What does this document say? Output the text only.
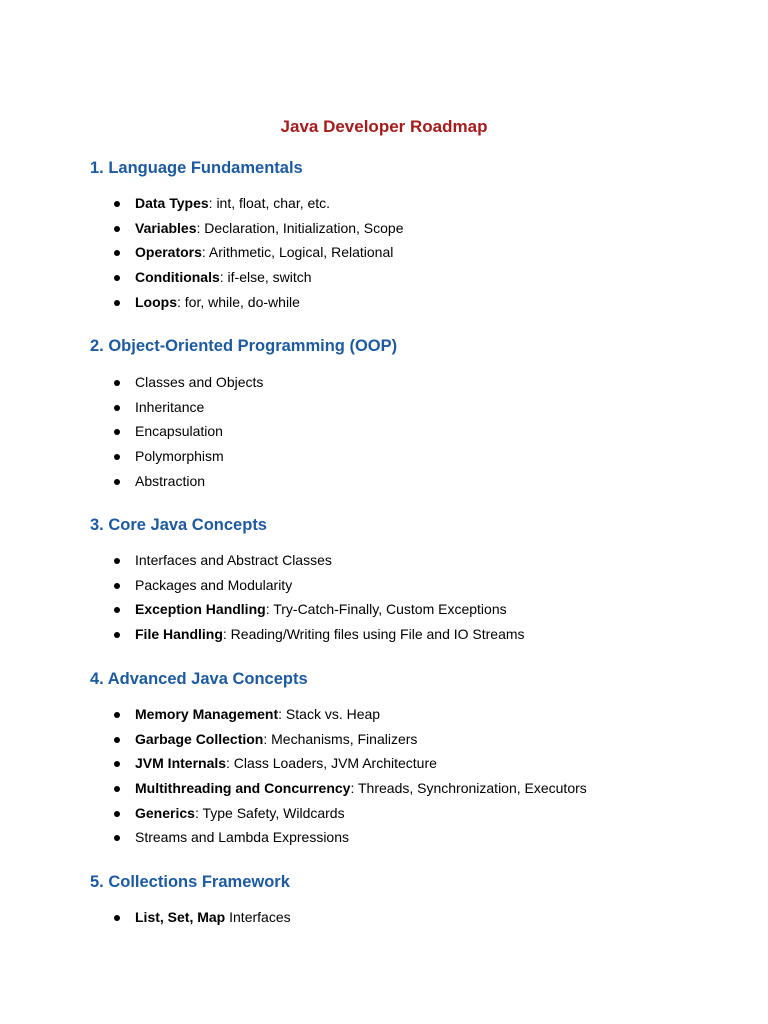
Java Developer Roadmap
1. Language Fundamentals
Data Types: int, float, char, etc.
Variables: Declaration, Initialization, Scope
Operators: Arithmetic, Logical, Relational
Conditionals: if-else, switch
Loops: for, while, do-while
2. Object-Oriented Programming (OOP)
Classes and Objects
Inheritance
Encapsulation
Polymorphism
Abstraction
3. Core Java Concepts
Interfaces and Abstract Classes
Packages and Modularity
Exception Handling: Try-Catch-Finally, Custom Exceptions
File Handling: Reading/Writing files using File and IO Streams
4. Advanced Java Concepts
Memory Management: Stack vs. Heap
Garbage Collection: Mechanisms, Finalizers
JVM Internals: Class Loaders, JVM Architecture
Multithreading and Concurrency: Threads, Synchronization, Executors
Generics: Type Safety, Wildcards
Streams and Lambda Expressions
5. Collections Framework
List, Set, Map Interfaces
